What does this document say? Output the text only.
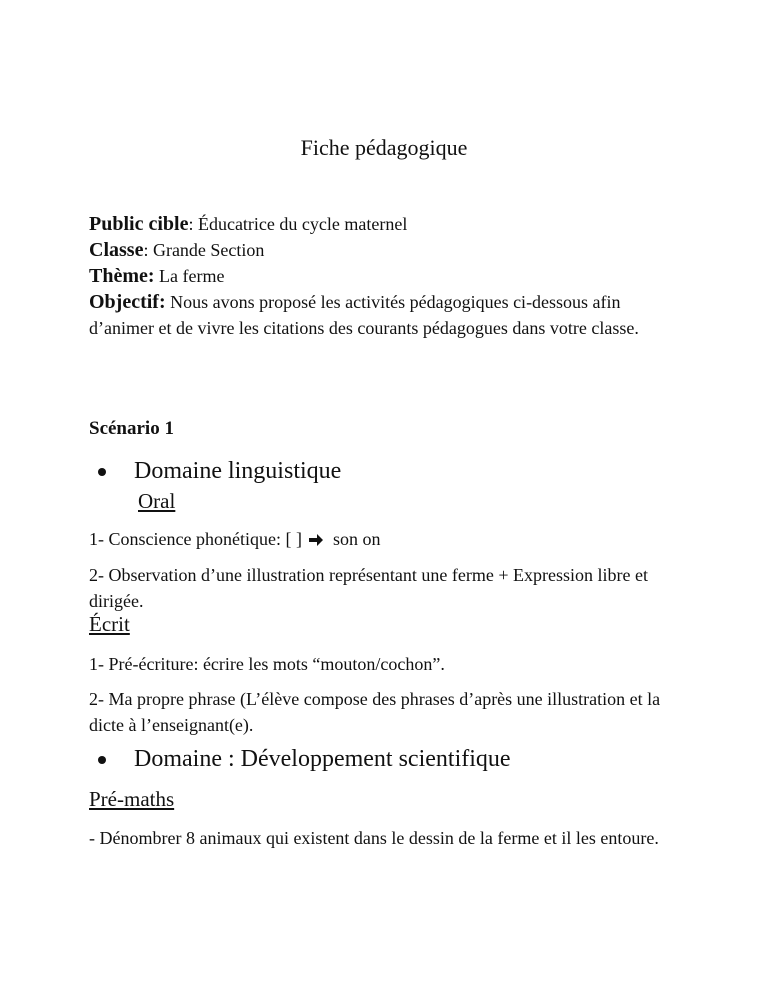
Fiche pédagogique
Public cible: Éducatrice du cycle maternel
Classe: Grande Section
Thème: La ferme
Objectif: Nous avons proposé les activités pédagogiques ci-dessous afin d’animer et de vivre les citations des courants pédagogues dans votre classe.
Scénario 1
Domaine linguistique
Oral
1- Conscience phonétique: [ ] son on
2- Observation d’une illustration représentant une ferme + Expression libre et dirigée.
Écrit
1- Pré-écriture: écrire les mots “mouton/cochon”.
2- Ma propre phrase (L’élève compose des phrases d’après une illustration et la dicte à l’enseignant(e).
Domaine : Développement scientifique
Pré-maths
- Dénombrer 8 animaux qui existent dans le dessin de la ferme et il les entoure.
